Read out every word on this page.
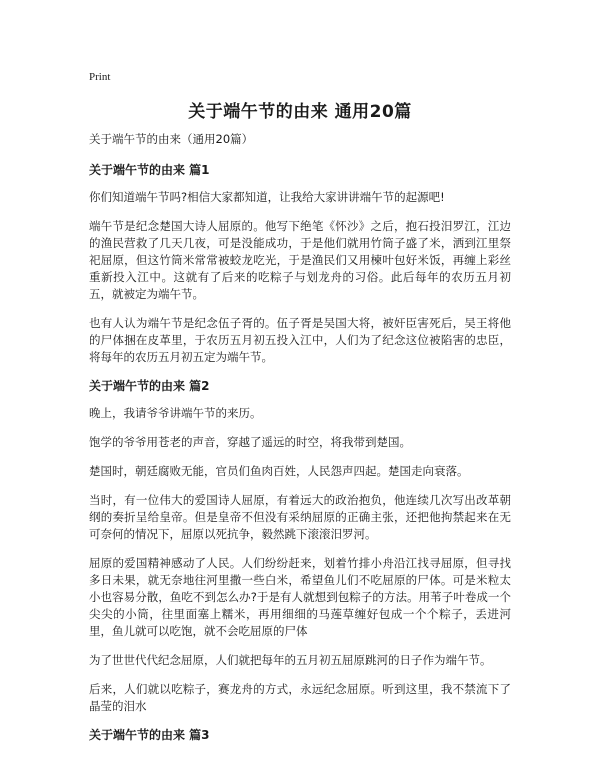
Print
关于端午节的由来 通用20篇

关于端午节的由来（通用20篇）

关于端午节的由来 篇1

你们知道端午节吗?相信大家都知道，让我给大家讲讲端午节的起源吧!

端午节是纪念楚国大诗人屈原的。他写下绝笔《怀沙》之后，抱石投汨罗江，江边的渔民营救了几天几夜，可是没能成功，于是他们就用竹筒子盛了米，洒到江里祭祀屈原，但这竹筒米常常被蛟龙吃光，于是渔民们又用楝叶包好米饭，再缠上彩丝重新投入江中。这就有了后来的吃粽子与划龙舟的习俗。此后每年的农历五月初五，就被定为端午节。

也有人认为端午节是纪念伍子胥的。伍子胥是吴国大将，被奸臣害死后，吴王将他的尸体捆在皮革里，于农历五月初五投入江中，人们为了纪念这位被陷害的忠臣，将每年的农历五月初五定为端午节。

关于端午节的由来 篇2

晚上，我请爷爷讲端午节的来历。

饱学的爷爷用苍老的声音，穿越了遥远的时空，将我带到楚国。

楚国时，朝廷腐败无能，官员们鱼肉百姓，人民怨声四起。楚国走向衰落。

当时，有一位伟大的爱国诗人屈原，有着远大的政治抱负，他连续几次写出改革朝纲的奏折呈给皇帝。但是皇帝不但没有采纳屈原的正确主张，还把他拘禁起来在无可奈何的情况下，屈原以死抗争，毅然跳下滚滚汨罗河。

屈原的爱国精神感动了人民。人们纷纷赶来，划着竹排小舟沿江找寻屈原，但寻找多日未果，就无奈地往河里撒一些白米，希望鱼儿们不吃屈原的尸体。可是米粒太小也容易分散，鱼吃不到怎么办?于是有人就想到包粽子的方法。用苇子叶卷成一个尖尖的小筒，往里面塞上糯米，再用细细的马莲草缠好包成一个个粽子，丢进河里，鱼儿就可以吃饱，就不会吃屈原的尸体

为了世世代代纪念屈原，人们就把每年的五月初五屈原跳河的日子作为端午节。

后来，人们就以吃粽子，赛龙舟的方式，永远纪念屈原。听到这里，我不禁流下了晶莹的泪水

关于端午节的由来 篇3
